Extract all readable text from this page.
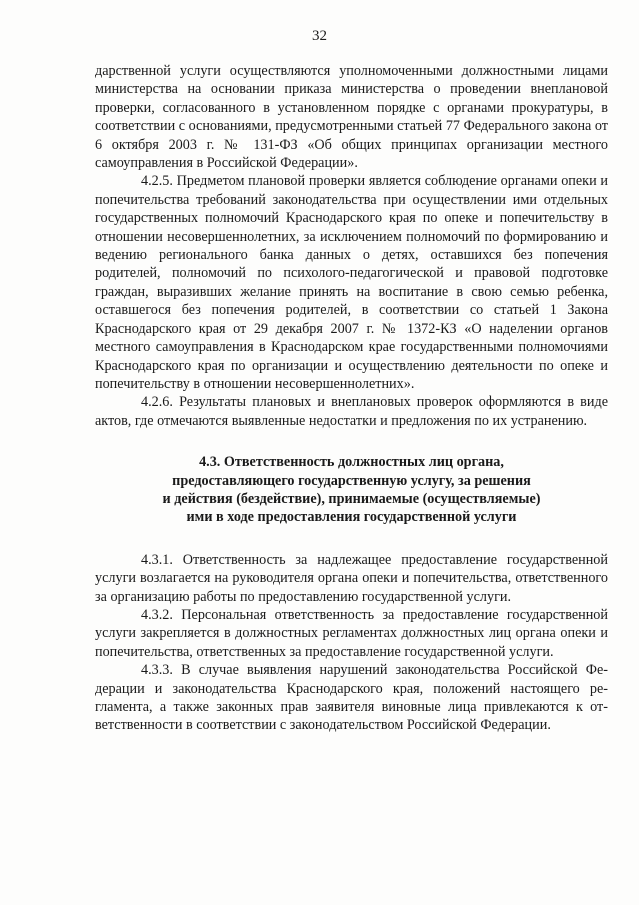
32

дарственной услуги осуществляются уполномоченными должностными лицами министерства на основании приказа министерства о проведении внеплановой проверки, согласованного в установленном порядке с органами прокуратуры, в соответствии с основаниями, предусмотренными статьей 77 Федерального закона от 6 октября 2003 г. № 131-ФЗ «Об общих принципах организации местного самоуправления в Российской Федерации».

4.2.5. Предметом плановой проверки является соблюдение органами опеки и попечительства требований законодательства при осуществлении ими отдельных государственных полномочий Краснодарского края по опеке и попечительству в отношении несовершеннолетних, за исключением полномочий по формированию и ведению регионального банка данных о детях, оставшихся без попечения родителей, полномочий по психолого-педагогической и правовой подготовке граждан, выразивших желание принять на воспитание в свою семью ребенка, оставшегося без попечения родителей, в соответствии со статьей 1 Закона Краснодарского края от 29 декабря 2007 г. № 1372-КЗ «О наделении органов местного самоуправления в Краснодарском крае государственными полномочиями Краснодарского края по организации и осуществлению деятельности по опеке и попечительству в отношении несовершеннолетних».

4.2.6. Результаты плановых и внеплановых проверок оформляются в виде актов, где отмечаются выявленные недостатки и предложения по их устранению.

4.3. Ответственность должностных лиц органа,
предоставляющего государственную услугу, за решения
и действия (бездействие), принимаемые (осуществляемые)
ими в ходе предоставления государственной услуги

4.3.1. Ответственность за надлежащее предоставление государственной услуги возлагается на руководителя органа опеки и попечительства, ответственного за организацию работы по предоставлению государственной услуги.

4.3.2. Персональная ответственность за предоставление государственной услуги закрепляется в должностных регламентах должностных лиц органа опеки и попечительства, ответственных за предоставление государственной услуги.

4.3.3. В случае выявления нарушений законодательства Российской Федерации и законодательства Краснодарского края, положений настоящего регламента, а также законных прав заявителя виновные лица привлекаются к ответственности в соответствии с законодательством Российской Федерации.
